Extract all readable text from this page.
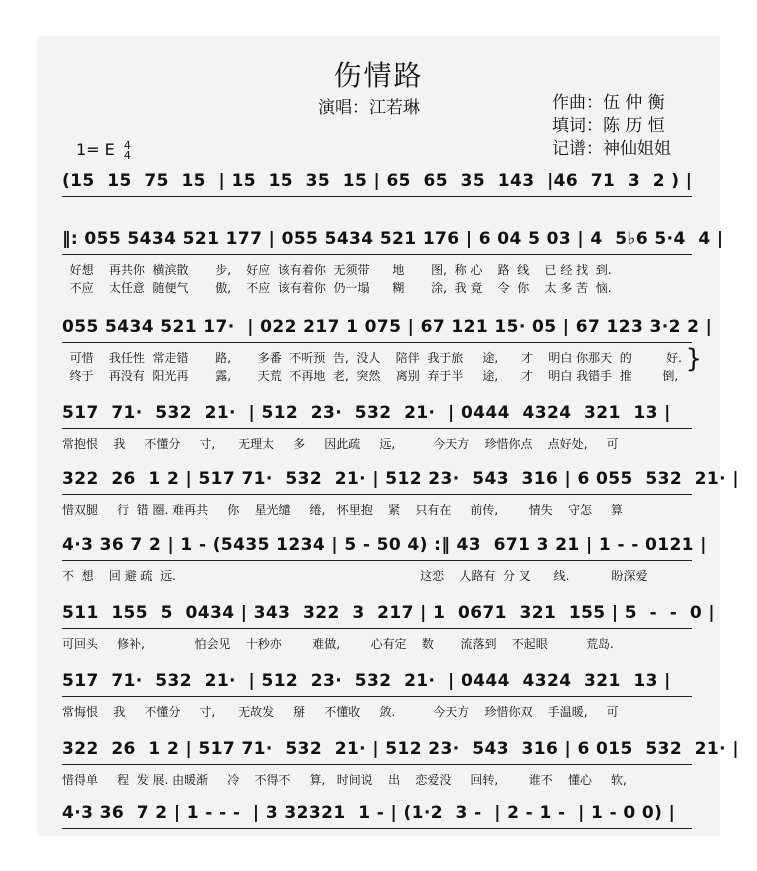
伤情路
演唱：江若琳	作曲：伍 仲 衡
填词：陈 历 恒
记谱：神仙姐姐
1= E 4
4
(15  15  75  15  | 15  15  35  15 | 65  65  35  143  |46  71  3  2 ) |
‖: 055 5434 521 177 | 055 5434 521 176 | 6 04 5 03 | 4  5♭6 5·4  4 |
好想    再共你  横滨散       步,    好应  该有着你  无须带      地       图,  称 心    路  线    已 经 找  到.
不应    太任意  随便气       傲,    不应  该有着你  仍一塌      糊       涂,  我 竟    令  你    太 多 苦  恼.
055 5434 521 17·  | 022 217 1 075 | 67 121 15· 05 | 67 123 3·2 2 |
可惜    我任性  常走错       路,       多番  不听预  告,  没人    陪伴  我于旅     途,      才    明白 你那天  的         好.
终于    再没有  阳光再       露,       天荒  不再地  老,  突然    离别  弃于半     途,      才    明白 我错手  推        倒,
}
517  71·  532  21·  | 512  23·  532  21·  | 0444  4324  321  13 |
常抱恨    我     不懂分     寸,      无理太     多     因此疏     远,          今天方    珍惜你点    点好处,     可
322  26  1 2 | 517 71·  532  21· | 512 23·  543  316 | 6 055  532  21· |
惜双腿     行  错 圈. 难再共     你    星光缱     绻,   怀里抱    紧    只有在     前传,        情失    守怎     算
4·3 36 7 2 | 1 - (5435 1234 | 5 - 50 4) :‖ 43  671 3 21 | 1 - - 0121 |
不  想    回 避 疏  远.                                                                这恋    人路有  分 叉      线.           盼深爱
511  155  5  0434 | 343  322  3  217 | 1  0671  321  155 | 5  -  -  0 |
可回头     修补,             怕会见    十秒亦        难做,        心有定    数       流落到    不起眼          荒岛.
517  71·  532  21·  | 512  23·  532  21·  | 0444  4324  321  13 |
常悔恨    我     不懂分     寸,      无故发     掰     不懂收     敛.          今天方    珍惜你双    手温暖,     可
322  26  1 2 | 517 71·  532  21· | 512 23·  543  316 | 6 015  532  21· |
惜得单     程  发 展. 由暖渐     冷    不得不     算,   时间说    出    恋爱没     回转,        谁不    懂心     软,
4·3 36  7 2 | 1 - - -  | 3 32321  1 - | (1·2  3 -  | 2 - 1 -  | 1 - 0 0) |
